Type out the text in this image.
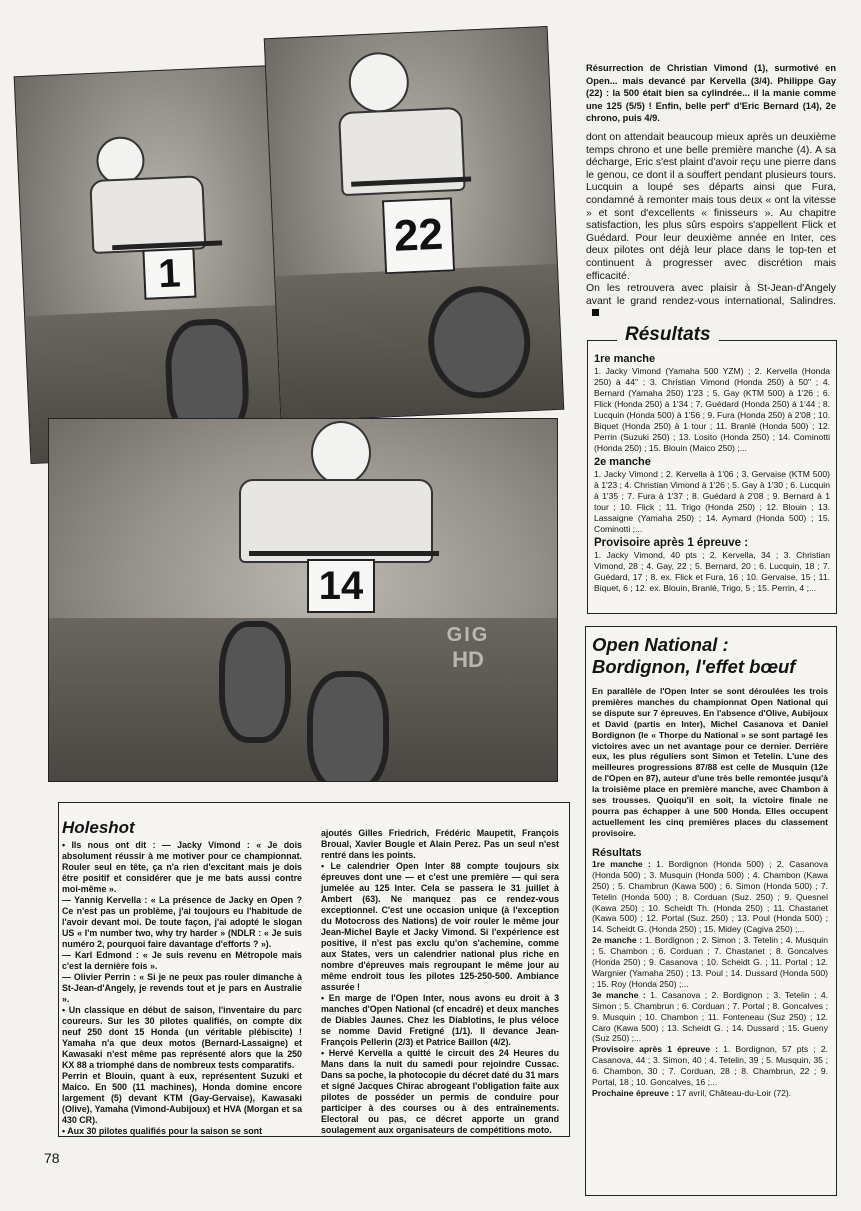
1
22
14
GIG
HD
Résurrection de Christian Vimond (1), surmotivé en Open... mais devancé par Kervella (3/4). Philippe Gay (22) : la 500 était bien sa cylindrée... il la manie comme une 125 (5/5) ! Enfin, belle perf' d'Eric Bernard (14), 2e chrono, puis 4/9.

dont on attendait beaucoup mieux après un deuxième temps chrono et une belle première manche (4). A sa décharge, Eric s'est plaint d'avoir reçu une pierre dans le genou, ce dont il a souffert pendant plusieurs tours. Lucquin a loupé ses départs ainsi que Fura, condamné à remonter mais tous deux « ont la vitesse » et sont d'excellents « finisseurs ». Au chapitre satisfaction, les plus sûrs espoirs s'appellent Flick et Guédard. Pour leur deuxième année en Inter, ces deux pilotes ont déjà leur place dans le top-ten et continuent à progresser avec discrétion mais efficacité.

On les retrouvera avec plaisir à St-Jean-d'Angely avant le grand rendez-vous international, Salindres.

Résultats
1re manche

1. Jacky Vimond (Yamaha 500 YZM) ; 2. Kervella (Honda 250) à 44" ; 3. Christian Vimond (Honda 250) à 50" ; 4. Bernard (Yamaha 250) 1'23 ; 5. Gay (KTM 500) à 1'26 ; 6. Flick (Honda 250) à 1'34 ; 7. Guédard (Honda 250) à 1'44 ; 8. Lucquin (Honda 500) à 1'56 ; 9. Fura (Honda 250) à 2'08 ; 10. Biquet (Honda 250) à 1 tour ; 11. Branlé (Honda 500) ; 12. Perrin (Suzuki 250) ; 13. Losito (Honda 250) ; 14. Cominotti (Honda 250) ; 15. Blouin (Maico 250) ;...

2e manche

1. Jacky Vimond ; 2. Kervella à 1'06 ; 3. Gervaise (KTM 500) à 1'23 ; 4. Christian Vimond à 1'26 ; 5. Gay à 1'30 ; 6. Lucquin à 1'35 ; 7. Fura à 1'37 ; 8. Guédard à 2'08 ; 9. Bernard à 1 tour ; 10. Flick ; 11. Trigo (Honda 250) ; 12. Blouin ; 13. Lassaigne (Yamaha 250) ; 14. Aymard (Honda 500) ; 15. Cominotti ;...

Provisoire après 1 épreuve :

1. Jacky Vimond, 40 pts ; 2. Kervella, 34 ; 3. Christian Vimond, 28 ; 4. Gay, 22 ; 5. Bernard, 20 ; 6. Lucquin, 18 ; 7. Guédard, 17 ; 8. ex. Flick et Fura, 16 ; 10. Gervaise, 15 ; 11. Biquet, 6 ; 12. ex. Blouin, Branlé, Trigo, 5 ; 15. Perrin, 4 ;...

Open National : Bordignon, l'effet bœuf

En parallèle de l'Open Inter se sont déroulées les trois premières manches du championnat Open National qui se dispute sur 7 épreuves. En l'absence d'Olive, Aubijoux et David (partis en Inter), Michel Casanova et Daniel Bordignon (le « Thorpe du National » se sont partagé les victoires avec un net avantage pour ce dernier. Derrière eux, les plus réguliers sont Simon et Tetelin. L'une des meilleures progressions 87/88 est celle de Musquin (12e de l'Open en 87), auteur d'une très belle remontée jusqu'à la troisième place en première manche, avec Chambon à ses trousses. Quoiqu'il en soit, la victoire finale ne pourra pas échapper à une 500 Honda. Elles occupent actuellement les cinq premières places du classement provisoire.

Résultats

1re manche : 1. Bordignon (Honda 500) ; 2. Casanova (Honda 500) ; 3. Musquin (Honda 500) ; 4. Chambon (Kawa 250) ; 5. Chambrun (Kawa 500) ; 6. Simon (Honda 500) ; 7. Tetelin (Honda 500) ; 8. Corduan (Suz. 250) ; 9. Quesnel (Kawa 250) ; 10. Scheidt Th. (Honda 250) ; 11. Chastanet (Kawa 500) ; 12. Portal (Suz. 250) ; 13. Poul (Honda 500) ; 14. Scheidt G. (Honda 250) ; 15. Midey (Cagiva 250) ;...

2e manche : 1. Bordignon ; 2. Simon ; 3. Tetelin ; 4. Musquin ; 5. Chambon ; 6. Corduan ; 7. Chastanet ; 8. Goncalves (Honda 250) ; 9. Casanova ; 10. Scheidt G. ; 11. Portal ; 12. Wargnier (Yamaha 250) ; 13. Poul ; 14. Dussard (Honda 500) ; 15. Roy (Honda 250) ;...

3e manche : 1. Casanova ; 2. Bordignon ; 3. Tetelin ; 4. Simon ; 5. Chambrun ; 6. Corduan ; 7. Portal ; 8. Goncalves ; 9. Musquin ; 10. Chambon ; 11. Fonteneau (Suz 250) ; 12. Caro (Kawa 500) ; 13. Scheidt G. ; 14. Dussard ; 15. Gueny (Suz 250) ;...

Provisoire après 1 épreuve : 1. Bordignon, 57 pts ; 2. Casanova, 44 ; 3. Simon, 40 ; 4. Tetelin, 39 ; 5. Musquin, 35 ; 6. Chambon, 30 ; 7. Corduan, 28 ; 8. Chambrun, 22 ; 9. Portal, 18 ; 10. Goncalves, 16 ;...

Prochaine épreuve : 17 avril, Château-du-Loir (72).

Holeshot

• Ils nous ont dit : — Jacky Vimond : « Je dois absolument réussir à me motiver pour ce championnat. Rouler seul en tête, ça n'a rien d'excitant mais je dois être positif et considérer que je me bats aussi contre moi-même ».

— Yannig Kervella : « La présence de Jacky en Open ? Ce n'est pas un problème, j'ai toujours eu l'habitude de l'avoir devant moi. De toute façon, j'ai adopté le slogan US « I'm number two, why try harder » (NDLR : « Je suis numéro 2, pourquoi faire davantage d'efforts ? »).

— Karl Edmond : « Je suis revenu en Métropole mais c'est la dernière fois ».

— Olivier Perrin : « Si je ne peux pas rouler dimanche à St-Jean-d'Angely, je revends tout et je pars en Australie ».

• Un classique en début de saison, l'inventaire du parc coureurs. Sur les 30 pilotes qualifiés, on compte dix neuf 250 dont 15 Honda (un véritable plébiscite) ! Yamaha n'a que deux motos (Bernard-Lassaigne) et Kawasaki n'est même pas représenté alors que la 250 KX 88 a triomphé dans de nombreux tests comparatifs.

Perrin et Blouin, quant à eux, représentent Suzuki et Maico. En 500 (11 machines), Honda domine encore largement (5) devant KTM (Gay-Gervaise), Kawasaki (Olive), Yamaha (Vimond-Aubijoux) et HVA (Morgan et sa 430 CR).

• Aux 30 pilotes qualifiés pour la saison se sont

ajoutés Gilles Friedrich, Frédéric Maupetit, François Broual, Xavier Bougle et Alain Perez. Pas un seul n'est rentré dans les points.

• Le calendrier Open Inter 88 compte toujours six épreuves dont une — et c'est une première — qui sera jumelée au 125 Inter. Cela se passera le 31 juillet à Ambert (63). Ne manquez pas ce rendez-vous exceptionnel. C'est une occasion unique (à l'exception du Motocross des Nations) de voir rouler le même jour Jean-Michel Bayle et Jacky Vimond. Si l'expérience est positive, il n'est pas exclu qu'on s'achemine, comme aux States, vers un calendrier national plus riche en nombre d'épreuves mais regroupant le même jour au même endroit tous les pilotes 125-250-500. Ambiance assurée !

• En marge de l'Open Inter, nous avons eu droit à 3 manches d'Open National (cf encadré) et deux manches de Diables Jaunes. Chez les Diablotins, le plus véloce se nomme David Fretigné (1/1). Il devance Jean-François Pellerin (2/3) et Patrice Baillon (4/2).

• Hervé Kervella a quitté le circuit des 24 Heures du Mans dans la nuit du samedi pour rejoindre Cussac. Dans sa poche, la photocopie du décret daté du 31 mars et signé Jacques Chirac abrogeant l'obligation faite aux pilotes de posséder un permis de conduire pour participer à des courses ou à des entraînements. Electoral ou pas, ce décret apporte un grand soulagement aux organisateurs de compétitions moto.

78
